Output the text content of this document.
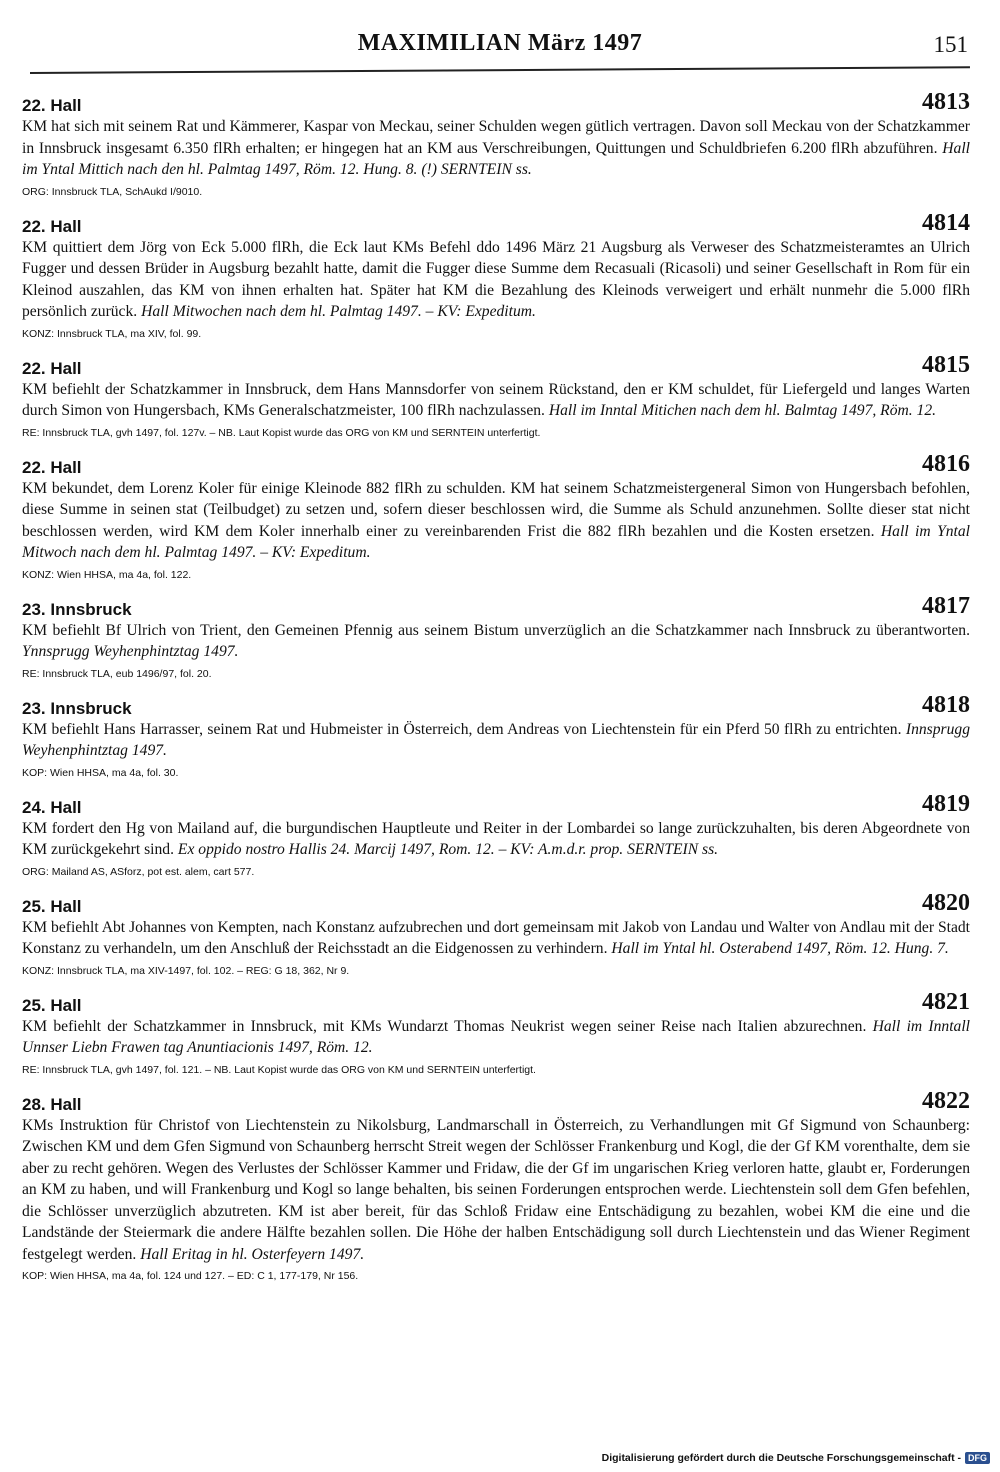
MAXIMILIAN März 1497	151
22. Hall	4813
KM hat sich mit seinem Rat und Kämmerer, Kaspar von Meckau, seiner Schulden wegen gütlich vertragen. Davon soll Meckau von der Schatzkammer in Innsbruck insgesamt 6.350 flRh erhalten; er hingegen hat an KM aus Verschreibungen, Quittungen und Schuldbriefen 6.200 flRh abzuführen. Hall im Yntal Mittich nach den hl. Palmtag 1497, Röm. 12. Hung. 8. (!) SERNTEIN ss.
ORG: Innsbruck TLA, SchAukd I/9010.
22. Hall	4814
KM quittiert dem Jörg von Eck 5.000 flRh, die Eck laut KMs Befehl ddo 1496 März 21 Augsburg als Verweser des Schatzmeisteramtes an Ulrich Fugger und dessen Brüder in Augsburg bezahlt hatte, damit die Fugger diese Summe dem Recasuali (Ricasoli) und seiner Gesellschaft in Rom für ein Kleinod auszahlen, das KM von ihnen erhalten hat. Später hat KM die Bezahlung des Kleinods verweigert und erhält nunmehr die 5.000 flRh persönlich zurück. Hall Mitwochen nach dem hl. Palmtag 1497. – KV: Expeditum.
KONZ: Innsbruck TLA, ma XIV, fol. 99.
22. Hall	4815
KM befiehlt der Schatzkammer in Innsbruck, dem Hans Mannsdorfer von seinem Rückstand, den er KM schuldet, für Liefergeld und langes Warten durch Simon von Hungersbach, KMs Generalschatzmeister, 100 flRh nachzulassen. Hall im Inntal Mitichen nach dem hl. Balmtag 1497, Röm. 12.
RE: Innsbruck TLA, gvh 1497, fol. 127v. – NB. Laut Kopist wurde das ORG von KM und SERNTEIN unterfertigt.
22. Hall	4816
KM bekundet, dem Lorenz Koler für einige Kleinode 882 flRh zu schulden. KM hat seinem Schatzmeistergeneral Simon von Hungersbach befohlen, diese Summe in seinen stat (Teilbudget) zu setzen und, sofern dieser beschlossen wird, die Summe als Schuld anzunehmen. Sollte dieser stat nicht beschlossen werden, wird KM dem Koler innerhalb einer zu vereinbarenden Frist die 882 flRh bezahlen und die Kosten ersetzen. Hall im Yntal Mitwoch nach dem hl. Palmtag 1497. – KV: Expeditum.
KONZ: Wien HHSA, ma 4a, fol. 122.
23. Innsbruck	4817
KM befiehlt Bf Ulrich von Trient, den Gemeinen Pfennig aus seinem Bistum unverzüglich an die Schatzkammer nach Innsbruck zu überantworten. Ynnsprugg Weyhenphintztag 1497.
RE: Innsbruck TLA, eub 1496/97, fol. 20.
23. Innsbruck	4818
KM befiehlt Hans Harrasser, seinem Rat und Hubmeister in Österreich, dem Andreas von Liechtenstein für ein Pferd 50 flRh zu entrichten. Innsprugg Weyhenphintztag 1497.
KOP: Wien HHSA, ma 4a, fol. 30.
24. Hall	4819
KM fordert den Hg von Mailand auf, die burgundischen Hauptleute und Reiter in der Lombardei so lange zurückzuhalten, bis deren Abgeordnete von KM zurückgekehrt sind. Ex oppido nostro Hallis 24. Marcij 1497, Rom. 12. – KV: A.m.d.r. prop. SERNTEIN ss.
ORG: Mailand AS, ASforz, pot est. alem, cart 577.
25. Hall	4820
KM befiehlt Abt Johannes von Kempten, nach Konstanz aufzubrechen und dort gemeinsam mit Jakob von Landau und Walter von Andlau mit der Stadt Konstanz zu verhandeln, um den Anschluß der Reichsstadt an die Eidgenossen zu verhindern. Hall im Yntal hl. Osterabend 1497, Röm. 12. Hung. 7.
KONZ: Innsbruck TLA, ma XIV-1497, fol. 102. – REG: G 18, 362, Nr 9.
25. Hall	4821
KM befiehlt der Schatzkammer in Innsbruck, mit KMs Wundarzt Thomas Neukrist wegen seiner Reise nach Italien abzurechnen. Hall im Inntall Unnser Liebn Frawen tag Anuntiacionis 1497, Röm. 12.
RE: Innsbruck TLA, gvh 1497, fol. 121. – NB. Laut Kopist wurde das ORG von KM und SERNTEIN unterfertigt.
28. Hall	4822
KMs Instruktion für Christof von Liechtenstein zu Nikolsburg, Landmarschall in Österreich, zu Verhandlungen mit Gf Sigmund von Schaunberg: Zwischen KM und dem Gfen Sigmund von Schaunberg herrscht Streit wegen der Schlösser Frankenburg und Kogl, die der Gf KM vorenthalte, dem sie aber zu recht gehören. Wegen des Verlustes der Schlösser Kammer und Fridaw, die der Gf im ungarischen Krieg verloren hatte, glaubt er, Forderungen an KM zu haben, und will Frankenburg und Kogl so lange behalten, bis seinen Forderungen entsprochen werde. Liechtenstein soll dem Gfen befehlen, die Schlösser unverzüglich abzutreten. KM ist aber bereit, für das Schloß Fridaw eine Entschädigung zu bezahlen, wobei KM die eine und die Landstände der Steiermark die andere Hälfte bezahlen sollen. Die Höhe der halben Entschädigung soll durch Liechtenstein und das Wiener Regiment festgelegt werden. Hall Eritag in hl. Osterfeyern 1497.
KOP: Wien HHSA, ma 4a, fol. 124 und 127. – ED: C 1, 177-179, Nr 156.
Digitalisierung gefördert durch die Deutsche Forschungsgemeinschaft - DFG
